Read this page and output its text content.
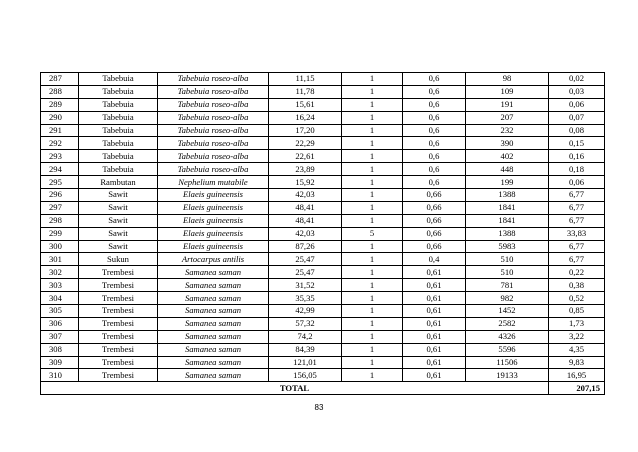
287	Tabebuia	Tabebuia roseo-alba	11,15	1	0,6	98	0,02
288	Tabebuia	Tabebuia roseo-alba	11,78	1	0,6	109	0,03
289	Tabebuia	Tabebuia roseo-alba	15,61	1	0,6	191	0,06
290	Tabebuia	Tabebuia roseo-alba	16,24	1	0,6	207	0,07
291	Tabebuia	Tabebuia roseo-alba	17,20	1	0,6	232	0,08
292	Tabebuia	Tabebuia roseo-alba	22,29	1	0,6	390	0,15
293	Tabebuia	Tabebuia roseo-alba	22,61	1	0,6	402	0,16
294	Tabebuia	Tabebuia roseo-alba	23,89	1	0,6	448	0,18
295	Rambutan	Nephelium mutabile	15,92	1	0,6	199	0,06
296	Sawit	Elaeis guineensis	42,03	1	0,66	1388	6,77
297	Sawit	Elaeis guineensis	48,41	1	0,66	1841	6,77
298	Sawit	Elaeis guineensis	48,41	1	0,66	1841	6,77
299	Sawit	Elaeis guineensis	42,03	5	0,66	1388	33,83
300	Sawit	Elaeis guineensis	87,26	1	0,66	5983	6,77
301	Sukun	Artocarpus antilis	25,47	1	0,4	510	6,77
302	Trembesi	Samanea saman	25,47	1	0,61	510	0,22
303	Trembesi	Samanea saman	31,52	1	0,61	781	0,38
304	Trembesi	Samanea saman	35,35	1	0,61	982	0,52
305	Trembesi	Samanea saman	42,99	1	0,61	1452	0,85
306	Trembesi	Samanea saman	57,32	1	0,61	2582	1,73
307	Trembesi	Samanea saman	74,2	1	0,61	4326	3,22
308	Trembesi	Samanea saman	84,39	1	0,61	5596	4,35
309	Trembesi	Samanea saman	121,01	1	0,61	11506	9,83
310	Trembesi	Samanea saman	156,05	1	0,61	19133	16,95
TOTAL							207,15
83
